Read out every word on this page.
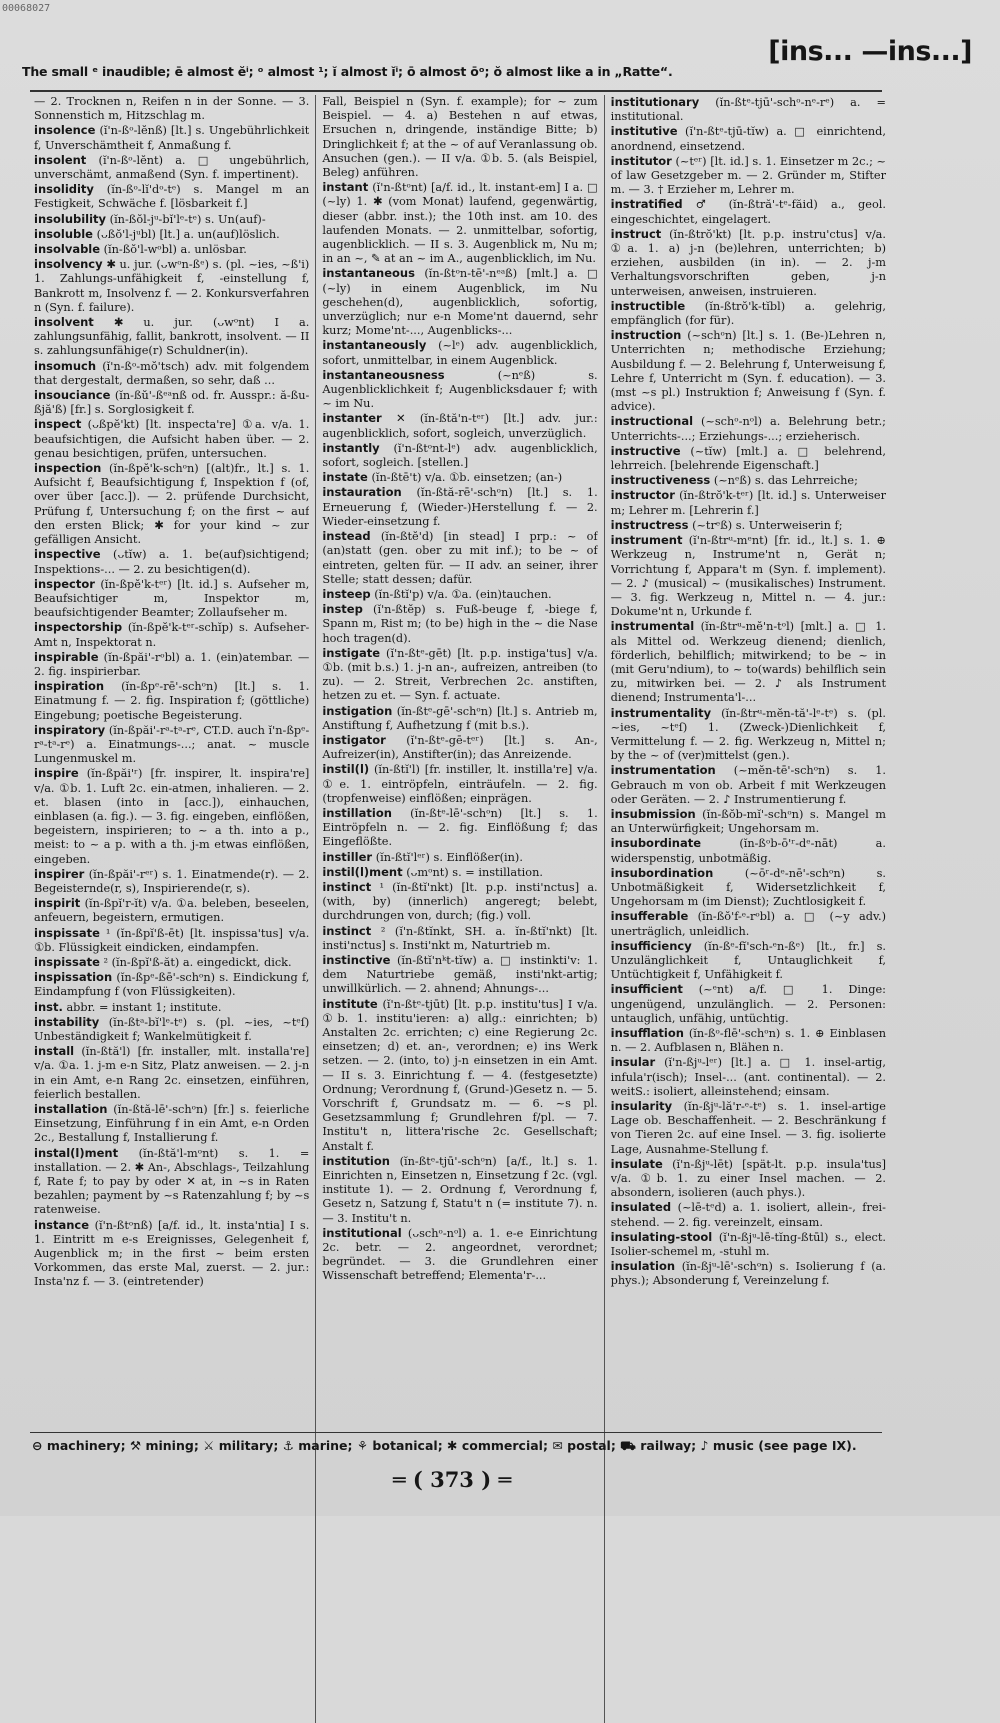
00068027
The small ᵉ inaudible; ē almost ĕⁱ; ᵒ almost ¹; ĭ almost ĭⁱ; ō almost ōᵒ; ŏ almost like a in „Ratte“.
[ins... —ins...]

— 2. Trocknen n, Reifen n in der Sonne. — 3. Sonnenstich m, Hitzschlag m.

insolence (ĭ'n-ßᵒ-lĕnß) [lt.] s. Ungebührlichkeit f, Unverschämtheit f, Anmaßung f.

insolent (ĭ'n-ßᵒ-lĕnt) a. □ ungebührlich, unverschämt, anmaßend (Syn. f. impertinent).

insolidity (ĭn-ßᵒ-lĭ'dᵒ-tᵉ) s. Mangel m an Festigkeit, Schwäche f. [lösbarkeit f.]

insolubility (ĭn-ßŏl-jᵘ-bĭ'lᵉ-tᵉ) s. Un(auf)-

insoluble (ᴗßŏ'l-jᵘbl) [lt.] a. un(auf)löslich.

insolvable (ĭn-ßŏ'l-wᵒbl) a. unlösbar.

insolvency ✱ u. jur. (ᴗwᵒn-ßᵉ) s. (pl. ~ies, ~ß'i) 1. Zahlungs-unfähigkeit f, -einstellung f, Bankrott m, Insolvenz f. — 2. Konkursverfahren n (Syn. f. failure).

insolvent ✱ u. jur. (ᴗwᵒnt) I a. zahlungsunfähig, fallit, bankrott, insolvent. — II s. zahlungsunfähige(r) Schuldner(in).

insomuch (ĭ'n-ßᵒ-mŏ'tsch) adv. mit folgendem that dergestalt, dermaßen, so sehr, daß ...

insouciance (ĭn-ßŭ'-ßᵉᵃnß od. fr. Ausspr.: ă-ßu-ßjă'ß) [fr.] s. Sorglosigkeit f.

inspect (ᴗßpĕ'kt) [lt. inspecta're] ①a. v/a. 1. beaufsichtigen, die Aufsicht haben über. — 2. genau besichtigen, prüfen, untersuchen.

inspection (ĭn-ßpĕ'k-schᵒn) [(alt)fr., lt.] s. 1. Aufsicht f, Beaufsichtigung f, Inspektion f (of, over über [acc.]). — 2. prüfende Durchsicht, Prüfung f, Untersuchung f; on the first ~ auf den ersten Blick; ✱ for your kind ~ zur gefälligen Ansicht.

inspective (ᴗtĭw) a. 1. be(auf)sichtigend; Inspektions-... — 2. zu besichtigen(d).

inspector (ĭn-ßpĕ'k-tᵉʳ) [lt. id.] s. Aufseher m, Beaufsichtiger m, Inspektor m, beaufsichtigender Beamter; Zollaufseher m.

inspectorship (ĭn-ßpĕ'k-tᵉʳ-schĭp) s. Aufseher-Amt n, Inspektorat n.

inspirable (ĭn-ßpăi'-rᵒbl) a. 1. (ein)atembar. — 2. fig. inspirierbar.

inspiration (ĭn-ßpᵉ-rē'-schᵒn) [lt.] s. 1. Einatmung f. — 2. fig. Inspiration f; (göttliche) Eingebung; poetische Begeisterung.

inspiratory (ĭn-ßpăi'-rᵃ-tᵃ-rᵉ, CT.D. auch ĭ'n-ßpᵉ-rᵃ-tᵃ-rᵉ) a. Einatmungs-...; anat. ~ muscle Lungenmuskel m.

inspire (ĭn-ßpăi'ʳ) [fr. inspirer, lt. inspira're] v/a. ①b. 1. Luft 2c. ein-atmen, inhalieren. — 2. et. blasen (into in [acc.]), einhauchen, einblasen (a. fig.). — 3. fig. eingeben, einflößen, begeistern, inspirieren; to ~ a th. into a p., meist: to ~ a p. with a th. j-m etwas einflößen, eingeben.

inspirer (ĭn-ßpăi'-rᵉʳ) s. 1. Einatmende(r). — 2. Begeisternde(r, s), Inspirierende(r, s).

inspirit (ĭn-ßpĭ'r-ĭt) v/a. ①a. beleben, beseelen, anfeuern, begeistern, ermutigen.

inspissate ¹ (ĭn-ßpĭ'ß-ēt) [lt. inspissa'tus] v/a. ①b. Flüssigkeit eindicken, eindampfen.

inspissate ² (ĭn-ßpĭ'ß-ăt) a. eingedickt, dick.

inspissation (ĭn-ßpᵉ-ßē'-schᵒn) s. Eindickung f, Eindampfung f (von Flüssigkeiten).

inst. abbr. = instant 1; institute.

instability (ĭn-ßtᵃ-bĭ'lᵉ-tᵉ) s. (pl. ~ies, ~tᵉſ) Unbeständigkeit f; Wankelmütigkeit f.

install (ĭn-ßtă'l) [fr. installer, mlt. installa're] v/a. ①a. 1. j-m e-n Sitz, Platz anweisen. — 2. j-n in ein Amt, e-n Rang 2c. einsetzen, einführen, feierlich bestallen.

installation (ĭn-ßtă-lē'-schᵒn) [fr.] s. feierliche Einsetzung, Einführung f in ein Amt, e-n Orden 2c., Bestallung f, Installierung f.

instal(l)ment (ĭn-ßtă'l-mᵒnt) s. 1. = installation. — 2. ✱ An-, Abschlags-, Teilzahlung f, Rate f; to pay by oder ✕ at, in ~s in Raten bezahlen; payment by ~s Ratenzahlung f; by ~s ratenweise.

instance (ĭ'n-ßtᵒnß) [a/f. id., lt. insta'ntia] I s. 1. Eintritt m e-s Ereignisses, Gelegenheit f, Augenblick m; in the first ~ beim ersten Vorkommen, das erste Mal, zuerst. — 2. jur.: Insta'nz f. — 3. (eintretender)

Fall, Beispiel n (Syn. f. example); for ~ zum Beispiel. — 4. a) Bestehen n auf etwas, Ersuchen n, dringende, inständige Bitte; b) Dringlichkeit f; at the ~ of auf Veranlassung ob. Ansuchen (gen.). — II v/a. ①b. 5. (als Beispiel, Beleg) anführen.

instant (ĭ'n-ßtᵒnt) [a/f. id., lt. instant-em] I a. □ (~ly) 1. ✱ (vom Monat) laufend, gegenwärtig, dieser (abbr. inst.); the 10th inst. am 10. des laufenden Monats. — 2. unmittelbar, sofortig, augenblicklich. — II s. 3. Augenblick m, Nu m; in an ~, ✎ at an ~ im A., augenblicklich, im Nu.

instantaneous (ĭn-ßtᵒn-tē'-nᵉᵃß) [mlt.] a. □ (~ly) in einem Augenblick, im Nu geschehen(d), augenblicklich, sofortig, unverzüglich; nur e-n Mome'nt dauernd, sehr kurz; Mome'nt-..., Augenblicks-...

instantaneously (~lᵉ) adv. augenblicklich, sofort, unmittelbar, in einem Augenblick.

instantaneousness	(~nᵉß) s. Augenblicklichkeit f; Augenblicksdauer f; with ~ im Nu.

instanter ✕ (ĭn-ßtă'n-tᵉʳ) [lt.] adv. jur.: augenblicklich, sofort, sogleich, unverzüglich.

instantly (ĭ'n-ßtᵒnt-lᵉ) adv. augenblicklich, sofort, sogleich. [stellen.]

instate (ĭn-ßtē't) v/a. ①b. einsetzen; (an-)

instauration (ĭn-ßtă-rē'-schᵒn) [lt.] s. 1. Erneuerung f, (Wieder-)Herstellung f. — 2. Wieder-einsetzung f.

instead (ĭn-ßtĕ'd) [in stead] I prp.: ~ of (an)statt (gen. ober zu mit inf.); to be ~ of eintreten, gelten für. — II adv. an seiner, ihrer Stelle; statt dessen; dafür.

insteep (ĭn-ßtĭ'p) v/a. ①a. (ein)tauchen.

instep (ĭ'n-ßtĕp) s. Fuß-beuge f, -biege f, Spann m, Rist m; (to be) high in the ~ die Nase hoch tragen(d).

instigate (ĭ'n-ßtᵉ-gēt) [lt. p.p. instiga'tus] v/a. ①b. (mit b.s.) 1. j-n an-, aufreizen, antreiben (to zu). — 2. Streit, Verbrechen 2c. anstiften, hetzen zu et. — Syn. f. actuate.

instigation (ĭn-ßtᵉ-gē'-schᵒn) [lt.] s. Antrieb m, Anstiftung f, Aufhetzung f (mit b.s.).

instigator (ĭ'n-ßtᵉ-gē-tᵉʳ) [lt.] s. An-, Aufreizer(in), Anstifter(in); das Anreizende.

instil(l) (ĭn-ßtĭ'l) [fr. instiller, lt. instilla're] v/a. ①e. 1. eintröpfeln, einträufeln. — 2. fig. (tropfenweise) einflößen; einprägen.

instillation (ĭn-ßtᵉ-lē'-schᵒn) [lt.] s. 1. Eintröpfeln n. — 2. fig. Einflößung f; das Eingeflößte.

instiller (ĭn-ßtĭ'lᵉʳ) s. Einflößer(in).

instil(l)ment (ᴗmᵒnt) s. = instillation.

instinct ¹ (ĭn-ßtĭ'nkt) [lt. p.p. insti'nctus] a. (with, by) (innerlich) angeregt; belebt, durchdrungen von, durch; (fig.) voll.

instinct ² (ĭ'n-ßtĭnkt, SH. a. ĭn-ßtĭ'nkt) [lt. insti'nctus] s. Insti'nkt m, Naturtrieb m.

instinctive (ĭn-ßtĭ'nᵏt-tĭw) a. □ instinkti'v: 1. dem Naturtriebe gemäß, insti'nkt-artig; unwillkürlich. — 2. ahnend; Ahnungs-...

institute (ĭ'n-ßtᵉ-tjūt) [lt. p.p. institu'tus] I v/a. ①b. 1. institu'ieren: a) allg.: einrichten; b) Anstalten 2c. errichten; c) eine Regierung 2c. einsetzen; d) et. an-, verordnen; e) ins Werk setzen. — 2. (into, to) j-n einsetzen in ein Amt. — II s. 3. Einrichtung f. — 4. (festgesetzte) Ordnung; Verordnung f, (Grund-)Gesetz n. — 5. Vorschrift f, Grundsatz m. — 6. ~s pl. Gesetzsammlung f; Grundlehren f/pl. — 7. Institu't n, littera'rische 2c. Gesellschaft; Anstalt f.

institution (ĭn-ßtᵉ-tjū'-schᵒn) [a/f., lt.] s. 1. Einrichten n, Einsetzen n, Einsetzung f 2c. (vgl. institute 1). — 2. Ordnung f, Verordnung f, Gesetz n, Satzung f, Statu't n (= institute 7). n. — 3. Institu't n.

institutional (ᴗschᵒ-nᵒl) a. 1. e-e Einrichtung 2c. betr. — 2. angeordnet, verordnet; begründet. — 3. die Grundlehren einer Wissenschaft betreffend; Elementa'r-...

institutionary (ĭn-ßtᵉ-tjū'-schᵒ-nᵉ-rᵉ) a. = institutional.

institutive (ĭ'n-ßtᵉ-tjū-tĭw) a. □ einrichtend, anordnend, einsetzend.

institutor (~tᵉʳ) [lt. id.] s. 1. Einsetzer m 2c.; ~ of law Gesetzgeber m. — 2. Gründer m, Stifter m. — 3. † Erzieher m, Lehrer m.

instratified ♂ (ĭn-ßtră'-tᵉ-făid) a., geol. eingeschichtet, eingelagert.

instruct (ĭn-ßtrŏ'kt) [lt. p.p. instru'ctus] v/a. ①a. 1. a) j-n (be)lehren, unterrichten; b) erziehen, ausbilden (in in). — 2. j-m Verhaltungsvorschriften geben, j-n unterweisen, anweisen, instruieren.

instructible (ĭn-ßtrŏ'k-tĭbl) a. gelehrig, empfänglich (for für).

instruction (~schᵒn) [lt.] s. 1. (Be-)Lehren n, Unterrichten n; methodische Erziehung; Ausbildung f. — 2. Belehrung f, Unterweisung f, Lehre f, Unterricht m (Syn. f. education). — 3. (mst ~s pl.) Instruktion f; Anweisung f (Syn. f. advice).

instructional (~schᵒ-nᵒl) a. Belehrung betr.; Unterrichts-...; Erziehungs-...; erzieherisch.

instructive (~tĭw) [mlt.] a. □ belehrend, lehrreich. [belehrende Eigenschaft.]

instructiveness (~nᵉß) s. das Lehrreiche;

instructor (ĭn-ßtrŏ'k-tᵉʳ) [lt. id.] s. Unterweiser m; Lehrer m. [Lehrerin f.]

instructress (~trᵉß) s. Unterweiserin f;

instrument (ĭ'n-ßtrᵘ-mᵉnt) [fr. id., lt.] s. 1. ⊕ Werkzeug n, Instrume'nt n, Gerät n; Vorrichtung f, Appara't m (Syn. f. implement). — 2. ♪ (musical) ~ (musikalisches) Instrument. — 3. fig. Werkzeug n, Mittel n. — 4. jur.: Dokume'nt n, Urkunde f.

instrumental (ĭn-ßtrᵘ-mĕ'n-tᵒl) [mlt.] a. □ 1. als Mittel od. Werkzeug dienend; dienlich, förderlich, behilflich; mitwirkend; to be ~ in (mit Geru'ndium), to ~ to(wards) behilflich sein zu, mitwirken bei. — 2. ♪ als Instrument dienend; Instrumenta'l-...

instrumentality (ĭn-ßtrᵘ-mĕn-tă'-lᵉ-tᵉ) s. (pl. ~ies, ~tᵉſ) 1. (Zweck-)Dienlichkeit f, Vermittelung f. — 2. fig. Werkzeug n, Mittel n; by the ~ of (ver)mittelst (gen.).

instrumentation (~mĕn-tē'-schᵒn) s. 1. Gebrauch m von ob. Arbeit f mit Werkzeugen oder Geräten. — 2. ♪ Instrumentierung f.

insubmission (ĭn-ßŏb-mĭ'-schᵒn) s. Mangel m an Unterwürfigkeit; Ungehorsam m.

insubordinate	(ĭn-ßᵒb-ō'ʳ-dᵉ-nāt) a. widerspenstig, unbotmäßig.

insubordination	(~ōʳ-dᵉ-nē'-schᵒn) s. Unbotmäßigkeit f, Widersetzlichkeit f, Ungehorsam m (im Dienst); Zuchtlosigkeit f.

insufferable (ĭn-ßŏ'f-ᵉ-rᵒbl) a. □ (~y adv.) unerträglich, unleidlich.

insufficiency (ĭn-ßᵉ-fĭ'sch-ᵉn-ßᵉ) [lt., fr.] s. Unzulänglichkeit f, Untauglichkeit f, Untüchtigkeit f, Unfähigkeit f.

insufficient (~ᵉnt) a/f. □ 1. Dinge: ungenügend, unzulänglich. — 2. Personen: untauglich, unfähig, untüchtig.

insufflation (ĭn-ßᵒ-flē'-schᵒn) s. 1. ⊕ Einblasen n. — 2. Aufblasen n, Blähen n.

insular (ĭ'n-ßjᵘ-lᵉʳ) [lt.] a. □ 1. insel-artig, infula'r(isch); Insel-... (ant. continental). — 2. weitS.: isoliert, alleinstehend; einsam.

insularity (ĭn-ßjᵘ-lă'r-ᵉ-tᵉ) s. 1. insel-artige Lage ob. Beschaffenheit. — 2. Beschränkung f von Tieren 2c. auf eine Insel. — 3. fig. isolierte Lage, Ausnahme-Stellung f.

insulate (ĭ'n-ßjᵘ-lēt) [spät-lt. p.p. insula'tus] v/a. ①b. 1. zu einer Insel machen. — 2. absondern, isolieren (auch phys.).

insulated (~lē-tᵉd) a. 1. isoliert, allein-, frei-stehend. — 2. fig. vereinzelt, einsam.

insulating-stool (ĭ'n-ßjᵘ-lē-tĭng-ßtūl) s., elect. Isolier-schemel m, -stuhl m.

insulation (ĭn-ßjᵘ-lē'-schᵒn) s. Isolierung f (a. phys.); Absonderung f, Vereinzelung f.

⊖ machinery; ⚒ mining; ⚔ military; ⚓ marine; ⚘ botanical; ✱ commercial; ✉ postal; ⛟ railway; ♪ music (see page IX).
═ ( 373 ) ═
